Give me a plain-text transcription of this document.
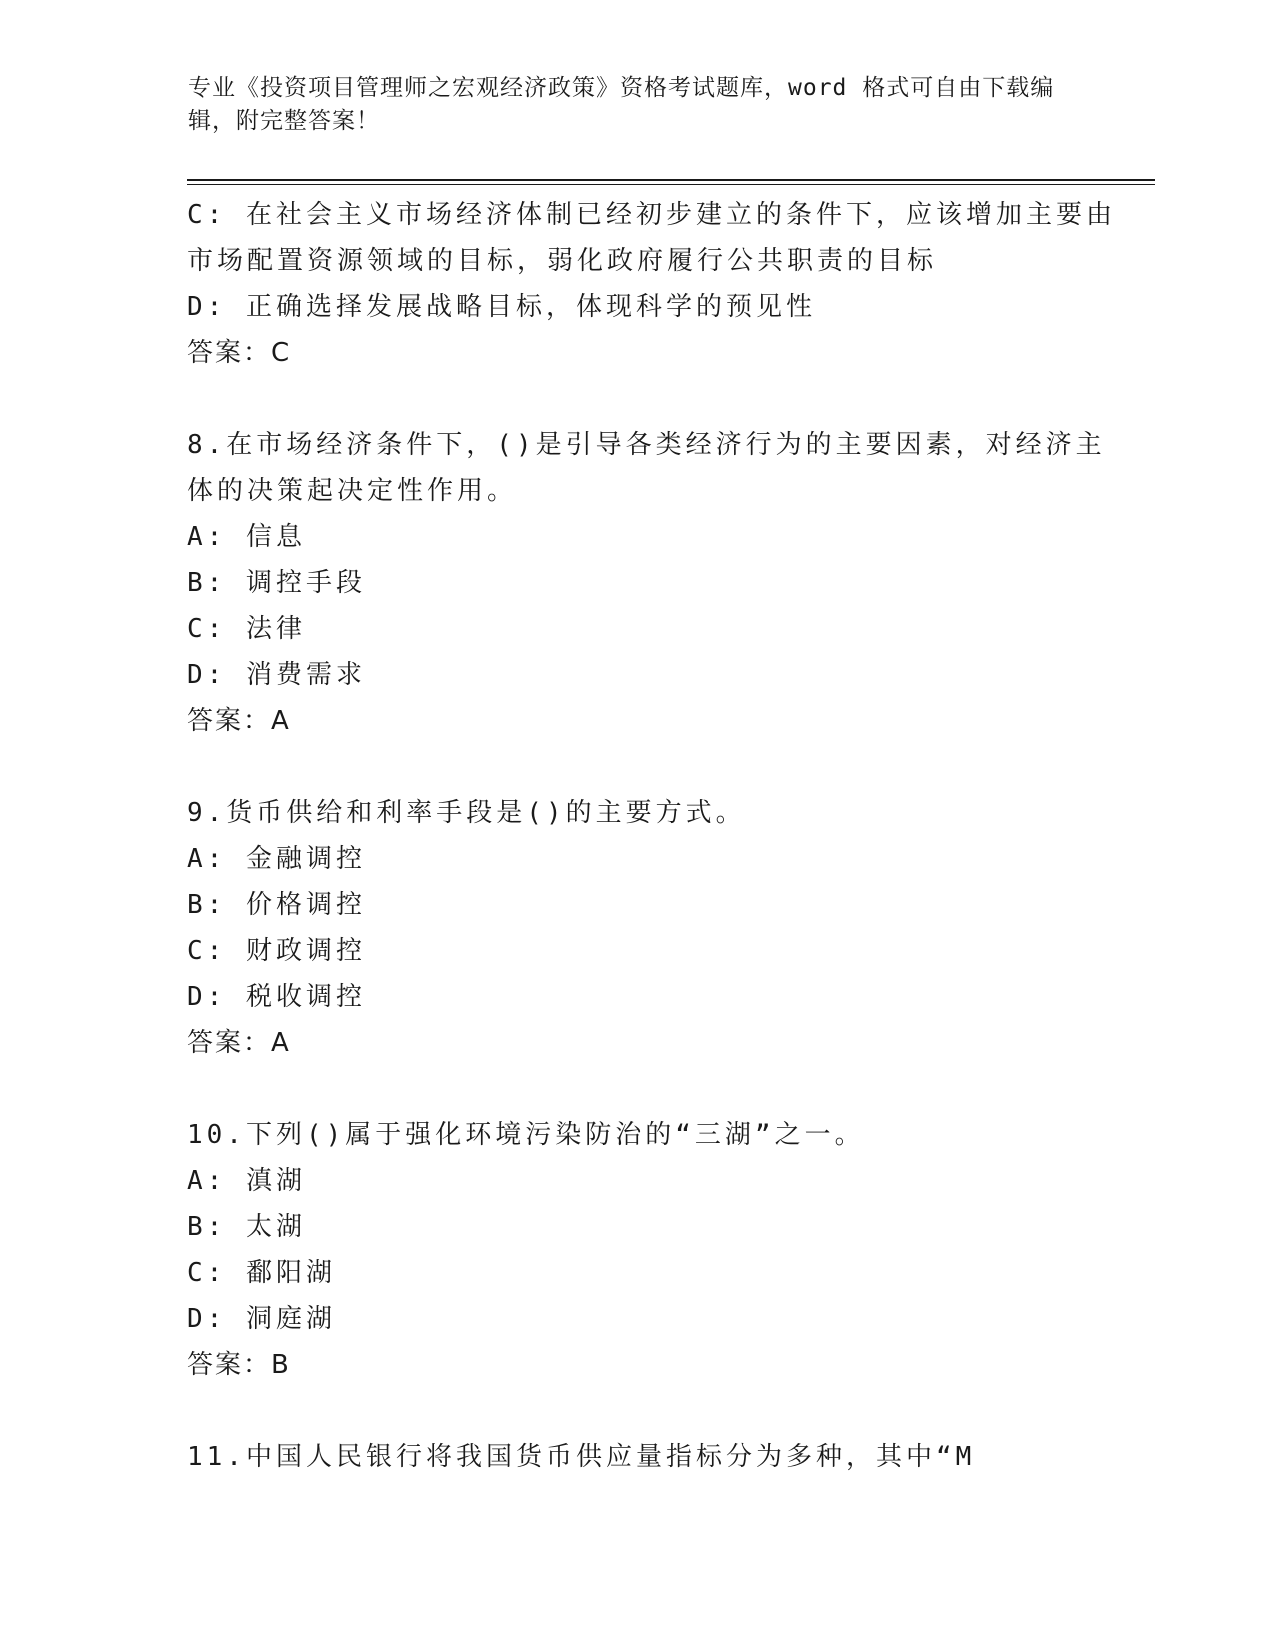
专业《投资项目管理师之宏观经济政策》资格考试题库，word 格式可自由下载编
辑，附完整答案！
C: 在社会主义市场经济体制已经初步建立的条件下，应该增加主要由
市场配置资源领域的目标，弱化政府履行公共职责的目标
D: 正确选择发展战略目标，体现科学的预见性
答案：C
8.在市场经济条件下，()是引导各类经济行为的主要因素，对经济主
体的决策起决定性作用。
A: 信息
B: 调控手段
C: 法律
D: 消费需求
答案：A
9.货币供给和利率手段是()的主要方式。
A: 金融调控
B: 价格调控
C: 财政调控
D: 税收调控
答案：A
10.下列()属于强化环境污染防治的“三湖”之一。
A: 滇湖
B: 太湖
C: 鄱阳湖
D: 洞庭湖
答案：B
11.中国人民银行将我国货币供应量指标分为多种，其中“M
